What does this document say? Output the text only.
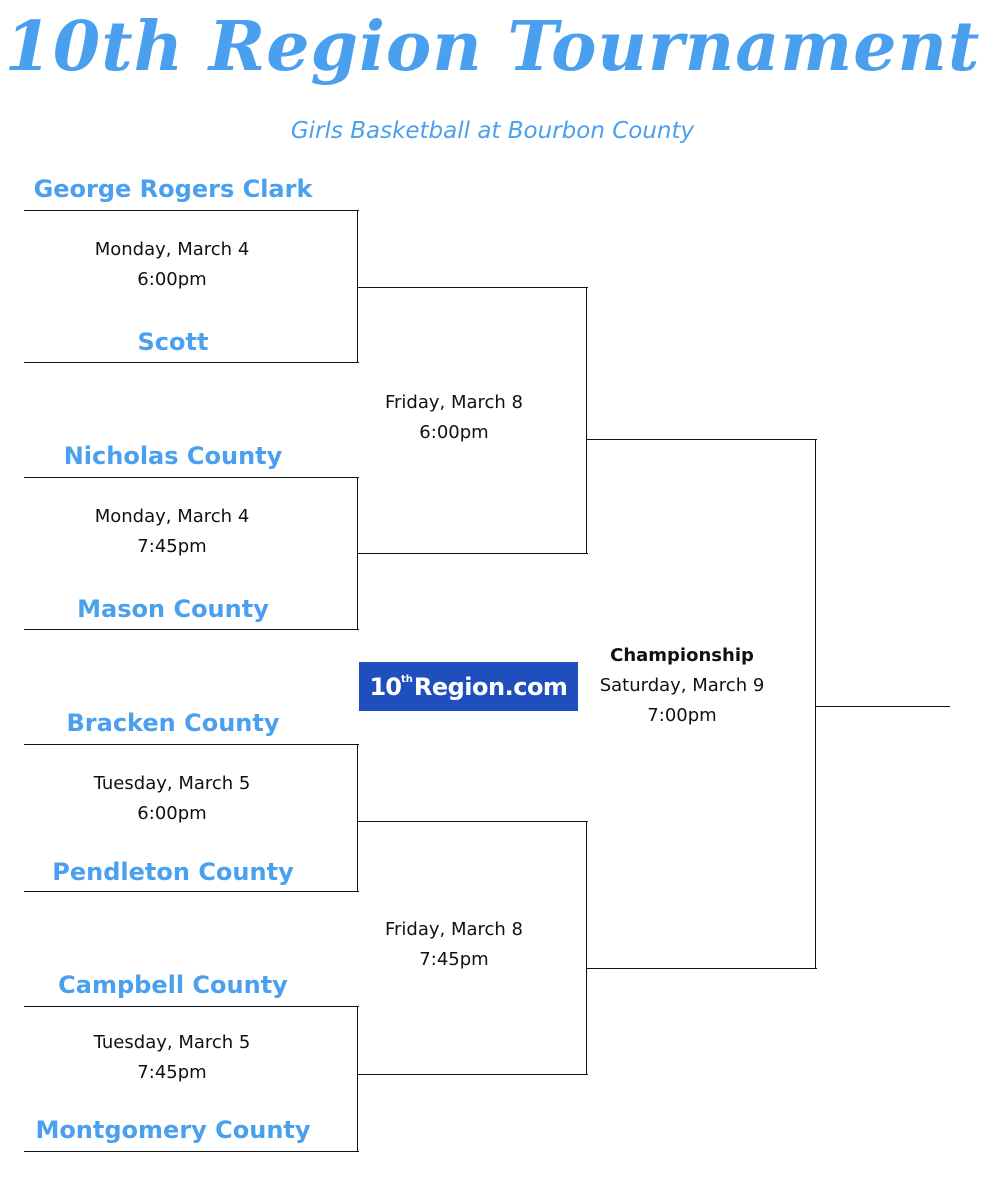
10th Region Tournament
Girls Basketball at Bourbon County
George Rogers Clark
Monday, March 4
6:00pm
Scott
Nicholas County
Monday, March 4
7:45pm
Mason County
Bracken County
Tuesday, March 5
6:00pm
Pendleton County
Campbell County
Tuesday, March 5
7:45pm
Montgomery County
Friday, March 8
6:00pm
Friday, March 8
7:45pm
Championship
Saturday, March 9
7:00pm
10 th Region.com
